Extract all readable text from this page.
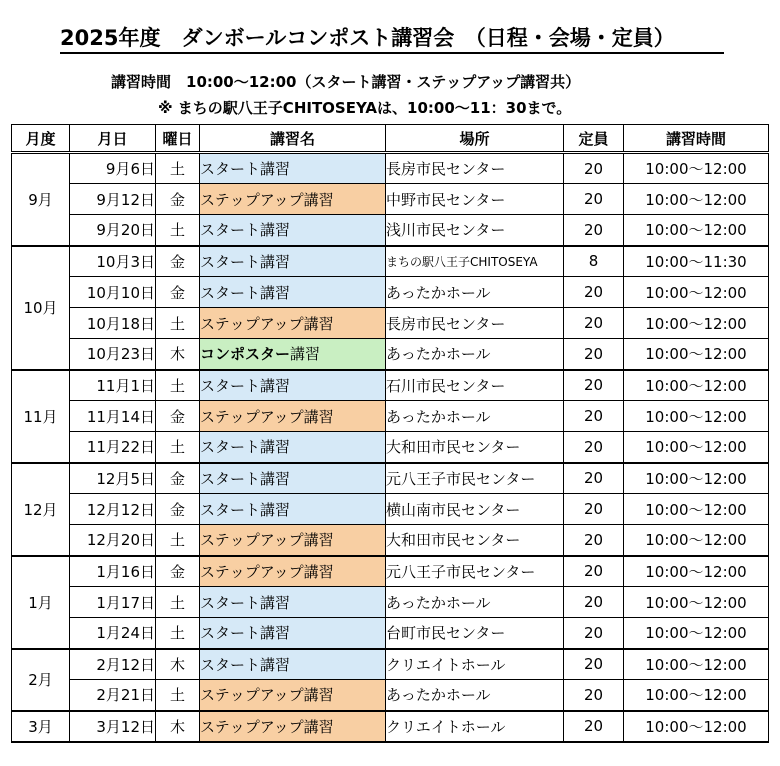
2025年度　ダンボールコンポスト講習会　（日程・会場・定員）
講習時間　10:00～12:00（スタート講習・ステップアップ講習共）
※ まちの駅八王子CHITOSEYAは、10:00～11：30まで。
月度	月日	曜日	講習名	場所	定員	講習時間
9月	9月6日	土	スタート講習	長房市民センター	20	10:00～12:00
	9月12日	金	ステップアップ講習	中野市民センター	20	10:00～12:00
	9月20日	土	スタート講習	浅川市民センター	20	10:00～12:00
10月	10月3日	金	スタート講習	まちの駅八王子CHITOSEYA	8	10:00～11:30
	10月10日	金	スタート講習	あったかホール	20	10:00～12:00
	10月18日	土	ステップアップ講習	長房市民センター	20	10:00～12:00
	10月23日	木	コンポスター講習	あったかホール	20	10:00～12:00
11月	11月1日	土	スタート講習	石川市民センター	20	10:00～12:00
	11月14日	金	ステップアップ講習	あったかホール	20	10:00～12:00
	11月22日	土	スタート講習	大和田市民センター	20	10:00～12:00
12月	12月5日	金	スタート講習	元八王子市民センター	20	10:00～12:00
	12月12日	金	スタート講習	横山南市民センター	20	10:00～12:00
	12月20日	土	ステップアップ講習	大和田市民センター	20	10:00～12:00
1月	1月16日	金	ステップアップ講習	元八王子市民センター	20	10:00～12:00
	1月17日	土	スタート講習	あったかホール	20	10:00～12:00
	1月24日	土	スタート講習	台町市民センター	20	10:00～12:00
2月	2月12日	木	スタート講習	クリエイトホール	20	10:00～12:00
	2月21日	土	ステップアップ講習	あったかホール	20	10:00～12:00
3月	3月12日	木	ステップアップ講習	クリエイトホール	20	10:00～12:00
